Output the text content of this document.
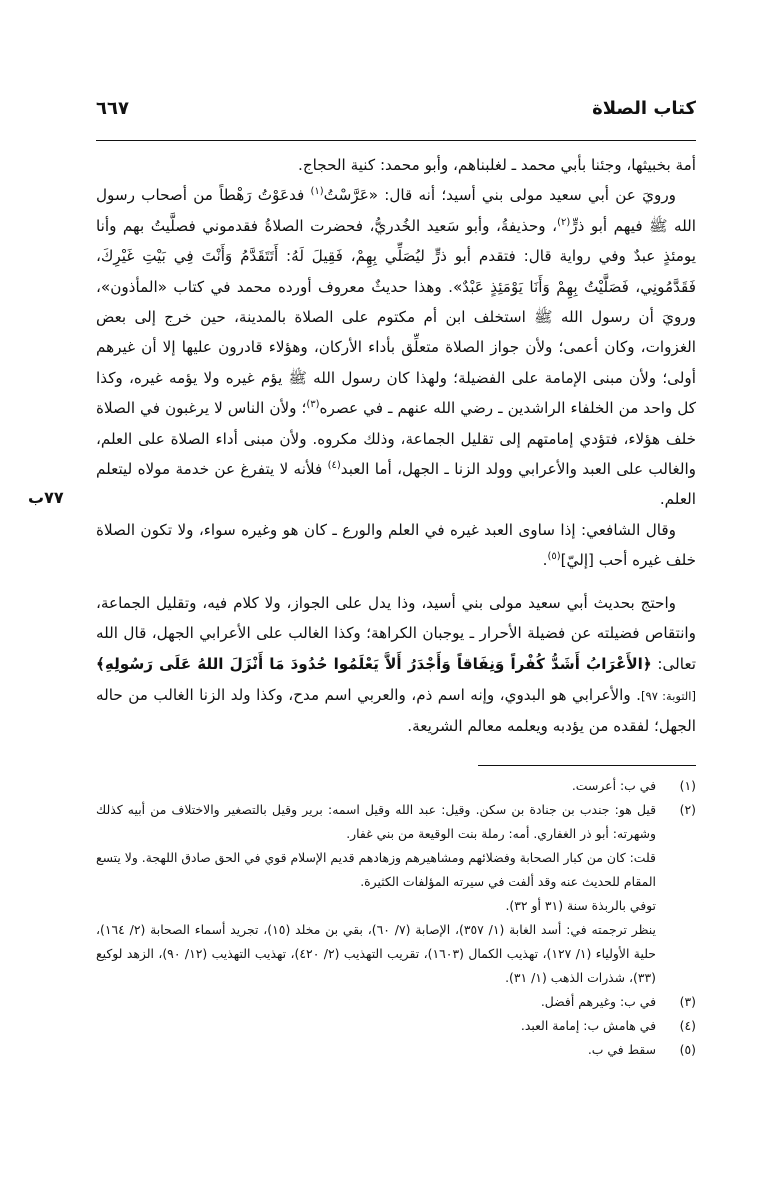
كتاب الصلاة
٦٦٧
٧٧ب

أمة بخبيثها، وجئنا بأبي محمد ـ لغلبناهم، وأبو محمد: كنية الحجاج.

ورويَ عن أبي سعيد مولى بني أسيد؛ أنه قال: «عَرَّسْتُ$^{(١)}$ فدعَوْتُ رَهْطاً من أصحاب رسول الله ﷺ فيهم أبو ذرٍّ$^{(٢)}$، وحذيفةُ، وأبو سَعيد الخُدريُّ، فحضرت الصلاةُ فقدموني فصلَّيتُ بهم وأنا يومئذٍ عبدٌ وفي رواية قال: فتقدم أبو ذرٍّ ليُصَلِّي بِهِمْ، فَقِيلَ لَهُ: أَتَتَقَدَّمُ وَأَنْتَ فِي بَيْتِ غَيْرِكَ، فَقَدَّمُونِي، فَصَلَّيْتُ بِهِمْ وَأَنَا يَوْمَئِذٍ عَبْدٌ». وهذا حديثٌ معروف أورده محمد في كتاب «المأذون»، ورويَ أن رسول الله ﷺ استخلف ابن أم مكتوم على الصلاة بالمدينة، حين خرج إلى بعض الغزوات، وكان أعمى؛ ولأن جواز الصلاة متعلِّق بأداء الأركان، وهؤلاء قادرون عليها إلا أن غيرهم أولى؛ ولأن مبنى الإمامة على الفضيلة؛ ولهذا كان رسول الله ﷺ يؤم غيره ولا يؤمه غيره، وكذا كل واحد من الخلفاء الراشدين ـ رضي الله عنهم ـ في عصره$^{(٣)}$؛ ولأن الناس لا يرغبون في الصلاة خلف هؤلاء، فتؤدي إمامتهم إلى تقليل الجماعة، وذلك مكروه. ولأن مبنى أداء الصلاة على العلم، والغالب على العبد والأعرابي وولد الزنا ـ الجهل، أما العبد$^{(٤)}$ فلأنه لا يتفرغ عن خدمة مولاه ليتعلم العلم.

وقال الشافعي: إذا ساوى العبد غيره في العلم والورع ـ كان هو وغيره سواء، ولا تكون الصلاة خلف غيره أحب [إليّ]$^{(٥)}$.

واحتج بحديث أبي سعيد مولى بني أسيد، وذا يدل على الجواز، ولا كلام فيه، وتقليل الجماعة، وانتقاص فضيلته عن فضيلة الأحرار ـ يوجبان الكراهة؛ وكذا الغالب على الأعرابي الجهل، قال الله تعالى: ﴿الأَعْرَابُ أَشَدُّ كُفْراً وَنِفَاقاً وَأَجْدَرُ أَلاَّ يَعْلَمُوا حُدُودَ مَا أَنْزَلَ اللهُ عَلَى رَسُولِهِ﴾ [التوبة: ٩٧]. والأعرابي هو البدوي، وإنه اسم ذم، والعربي اسم مدح، وكذا ولد الزنا الغالب من حاله الجهل؛ لفقده من يؤدبه ويعلمه معالم الشريعة.

(١)

في ب: أعرست.

(٢)

قيل هو: جندب بن جنادة بن سكن. وقيل: عبد الله وقيل اسمه: برير وقيل بالتصغير والاختلاف من أبيه كذلك وشهرته: أبو ذر الغفاري. أمه: رملة بنت الوقيعة من بني غفار.

قلت: كان من كبار الصحابة وفضلائهم ومشاهيرهم وزهادهم قديم الإسلام قوي في الحق صادق اللهجة. ولا يتسع المقام للحديث عنه وقد ألفت في سيرته المؤلفات الكثيرة.

توفي بالربذة سنة (٣١ أو ٣٢).

ينظر ترجمته في: أسد الغابة (١/ ٣٥٧)، الإصابة (٧/ ٦٠)، بقي بن مخلد (١٥)، تجريد أسماء الصحابة (٢/ ١٦٤)، حلية الأولياء (١/ ١٢٧)، تهذيب الكمال (١٦٠٣)، تقريب التهذيب (٢/ ٤٢٠)، تهذيب التهذيب (١٢/ ٩٠)، الزهد لوكيع (٣٣)، شذرات الذهب (١/ ٣١).

(٣)

في ب: وغيرهم أفضل.

(٤)

في هامش ب: إمامة العبد.

(٥)

سقط في ب.
